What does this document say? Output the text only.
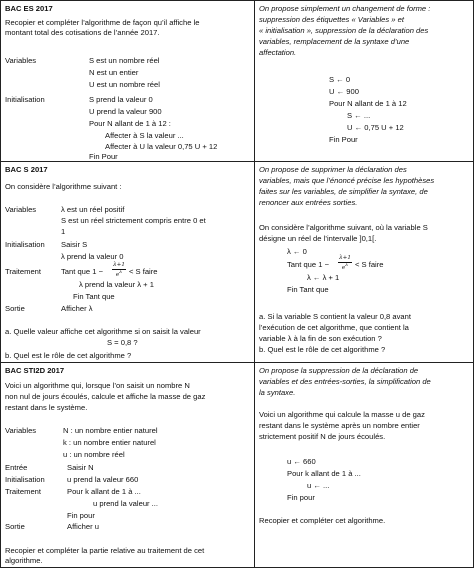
BAC ES 2017
Recopier et compléter l’algorithme de façon qu’il affiche le
montant total des cotisations de l’année 2017.
Variables	S est un nombre réel
N est un entier
U est un nombre réel
Initialisation	S prend la valeur 0
U prend la valeur 900
Pour N allant de 1 à 12 :
Affecter à S la valeur ...
Affecter à U la valeur 0,75 U + 12
Fin Pour
On propose simplement un changement de forme :
suppression des étiquettes « Variables » et
« initialisation », suppression de la déclaration des
variables, remplacement de la syntaxe d’une
affectation.
S ← 0
U ← 900
Pour N allant de 1 à 12
S ← ...
U ← 0,75 U + 12
Fin Pour
BAC S 2017
On considère l’algorithme suivant :
Variables	λ est un réel positif
S est un réel strictement compris entre 0 et
1
Initialisation Saisir S
λ prend la valeur 0
Traitement	Tant que 1 −
λ+1
$e^\lambda < S$ faire
λ prend la valeur λ + 1
Fin Tant que
Sortie	Afficher λ
a. Quelle valeur affiche cet algorithme si on saisit la valeur
S = 0,8 ?
b. Quel est le rôle de cet algorithme ?
On propose de supprimer la déclaration des
variables, mais que l’énoncé précise les hypothèses
faites sur les variables, de simplifier la syntaxe, de
renoncer aux entrées sorties.
On considère l’algorithme suivant, où la variable S
désigne un réel de l’intervalle ]0,1[.
λ ← 0
Tant que 1 −
λ+1
$e^\lambda < S$ faire
λ ← λ + 1
Fin Tant que
a. Si la variable S contient la valeur 0,8 avant
l’exécution de cet algorithme, que contient la
variable λ à la fin de son exécution ?
b. Quel est le rôle de cet algorithme ?
BAC STI2D 2017
Voici un algorithme qui, lorsque l’on saisit un nombre N
non nul de jours écoulés, calcule et affiche la masse de gaz
restant dans le système.
Variables	N : un nombre entier naturel
k : un nombre entier naturel
u : un nombre réel
Entrée	Saisir N
Initialisation	u prend la valeur 660
Traitement	Pour k allant de 1 à ...
u prend la valeur ...
Fin pour
Sortie	Afficher u
Recopier et compléter la partie relative au traitement de cet
algorithme.
On propose la suppression de la déclaration de
variables et des entrées-sorties, la simplification de
la syntaxe.
Voici un algorithme qui calcule la masse u de gaz
restant dans le système après un nombre entier
strictement positif N de jours écoulés.
u ← 660
Pour k allant de 1 à ...
u ← ...
Fin pour
Recopier et compléter cet algorithme.
